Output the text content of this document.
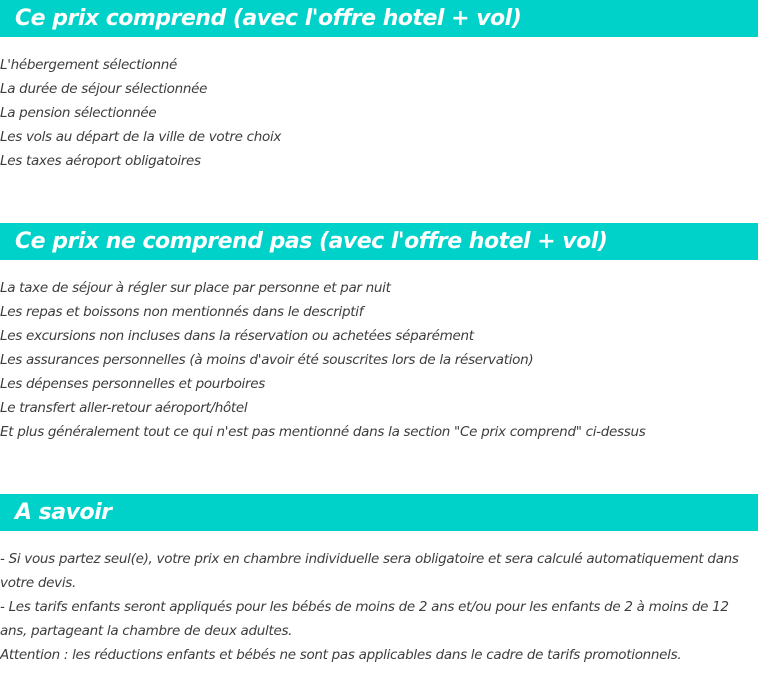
Ce prix comprend (avec l'offre hotel + vol)
L'hébergement sélectionné
La durée de séjour sélectionnée
La pension sélectionnée
Les vols au départ de la ville de votre choix
Les taxes aéroport obligatoires
Ce prix ne comprend pas (avec l'offre hotel + vol)
La taxe de séjour à régler sur place par personne et par nuit
Les repas et boissons non mentionnés dans le descriptif
Les excursions non incluses dans la réservation ou achetées séparément
Les assurances personnelles (à moins d'avoir été souscrites lors de la réservation)
Les dépenses personnelles et pourboires
Le transfert aller-retour aéroport/hôtel
Et plus généralement tout ce qui n'est pas mentionné dans la section "Ce prix comprend" ci-dessus
A savoir

- Si vous partez seul(e), votre prix en chambre individuelle sera obligatoire et sera calculé automatiquement dans votre devis.

- Les tarifs enfants seront appliqués pour les bébés de moins de 2 ans et/ou pour les enfants de 2 à moins de 12 ans, partageant la chambre de deux adultes.

Attention : les réductions enfants et bébés ne sont pas applicables dans le cadre de tarifs promotionnels.
